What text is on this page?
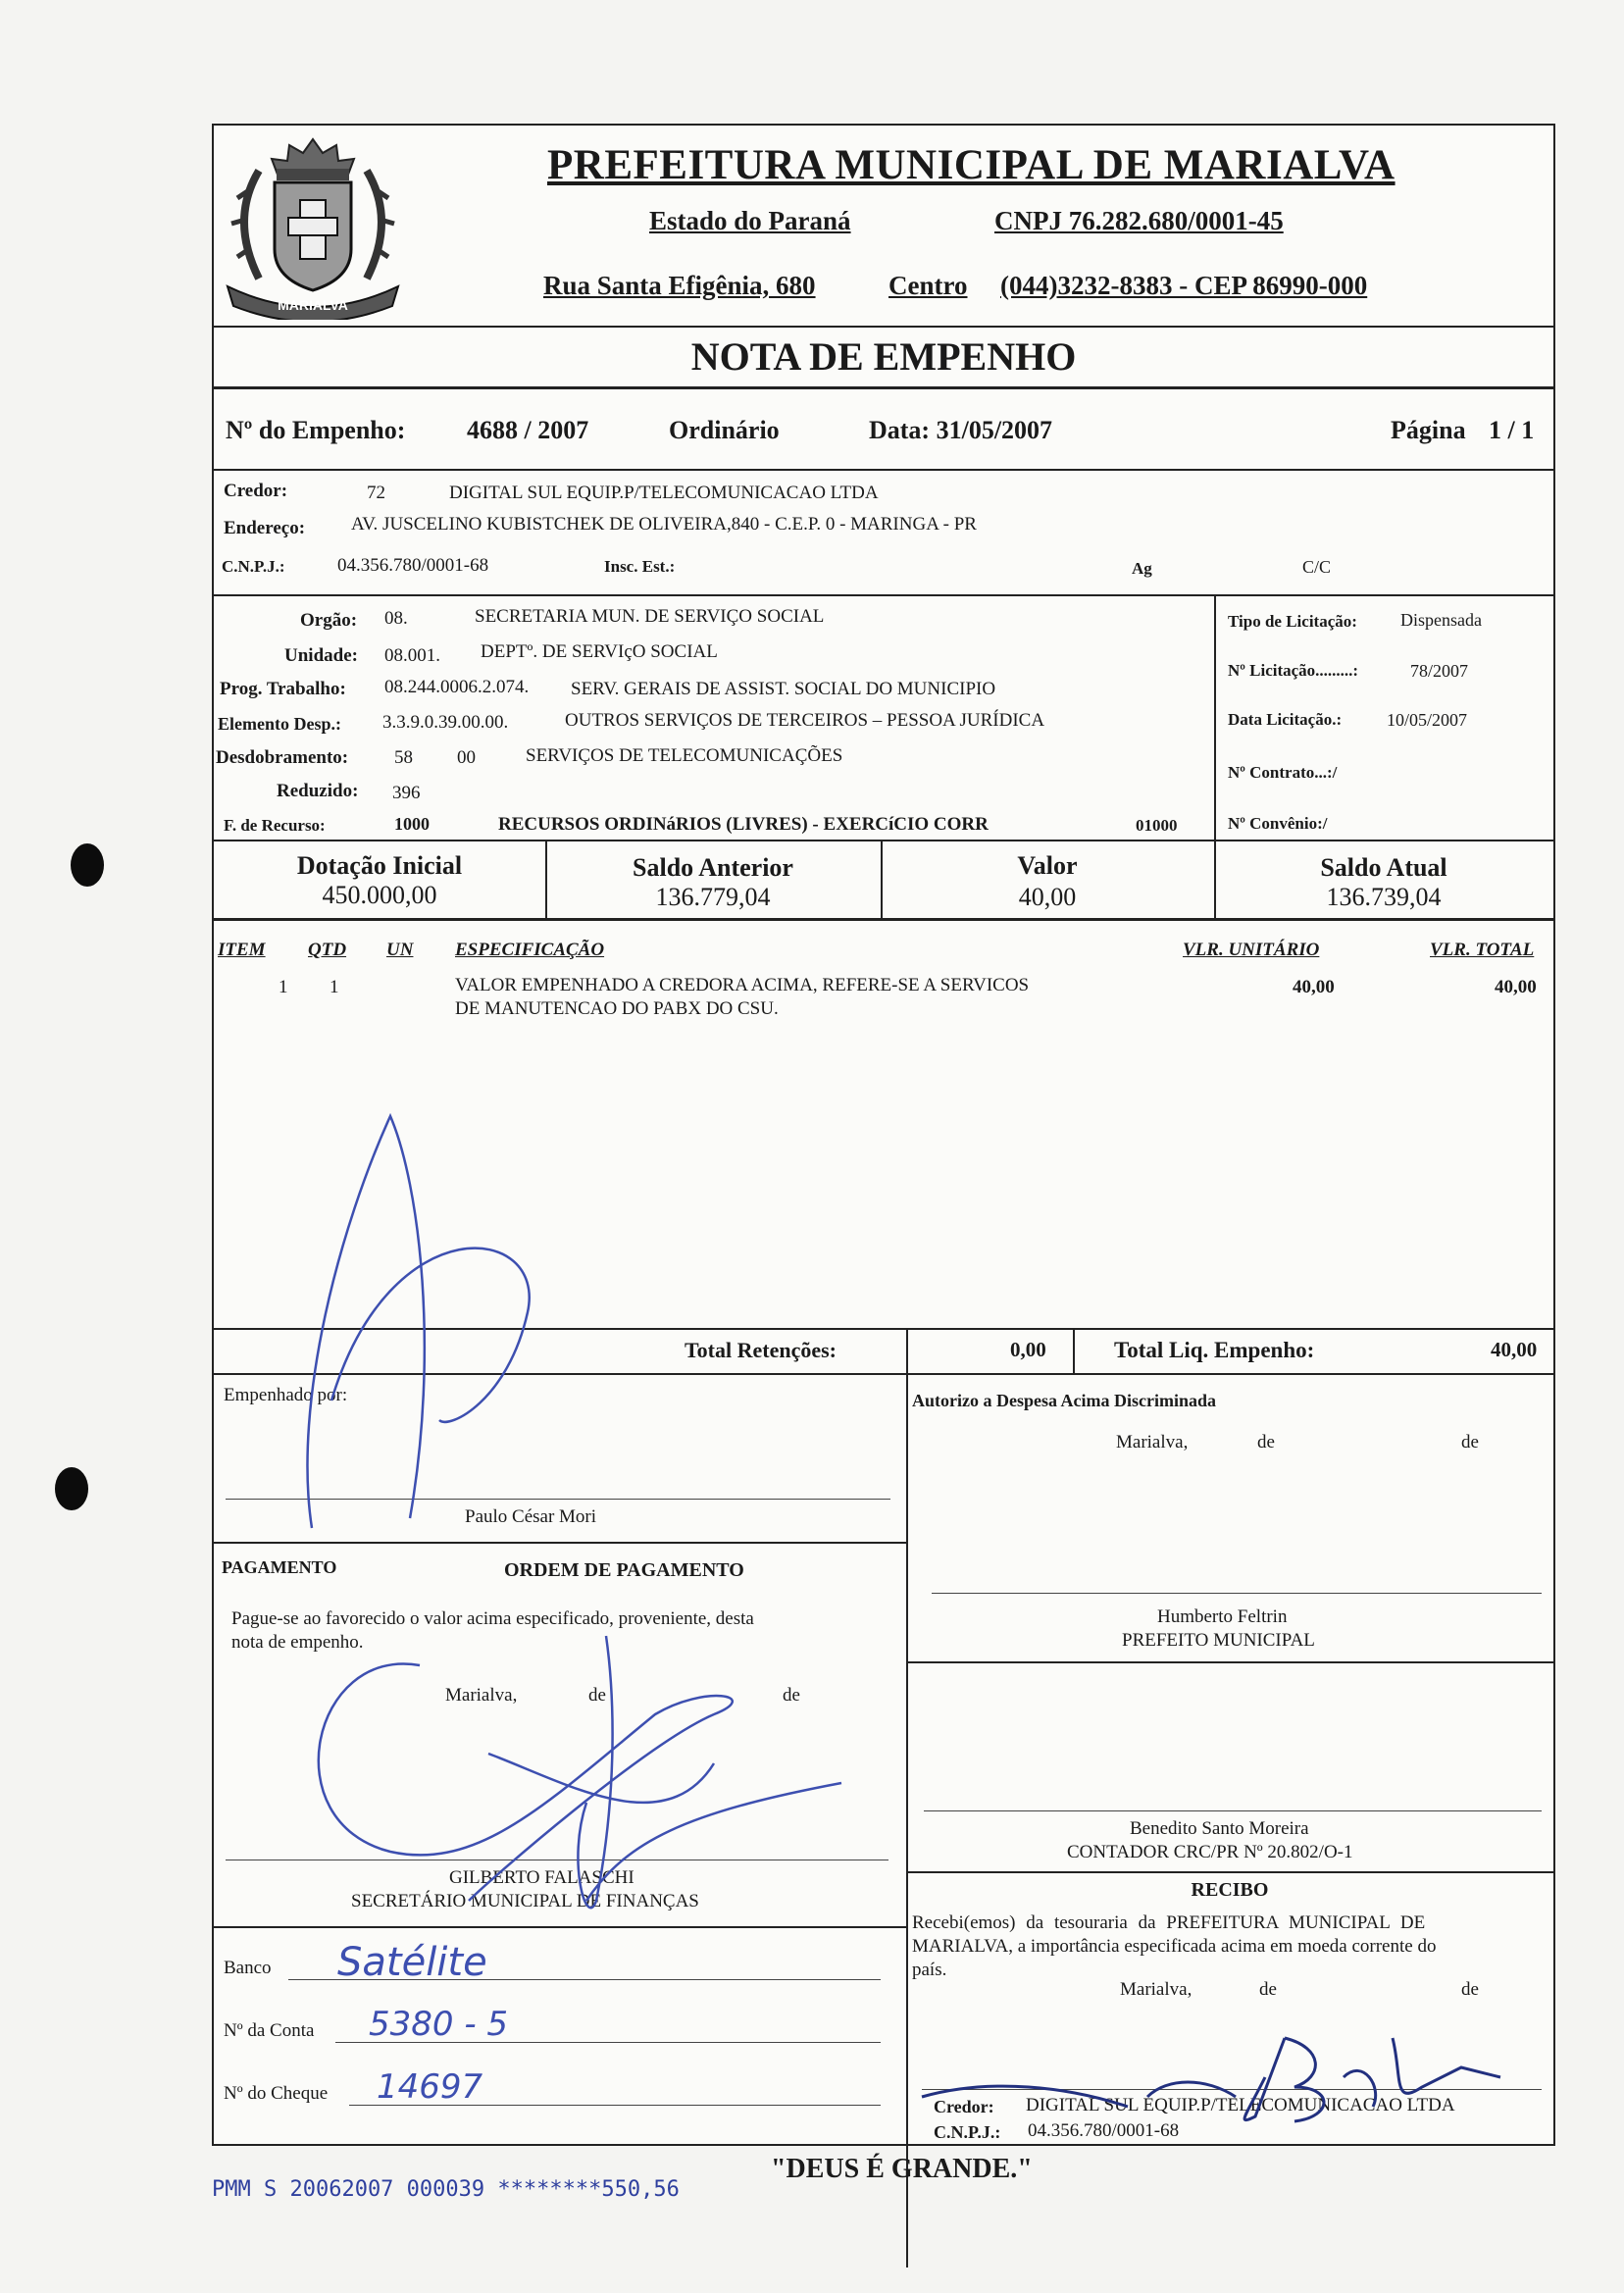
MARIALVA
PREFEITURA MUNICIPAL DE MARIALVA
Estado do Paraná	CNPJ 76.282.680/0001-45
Rua Santa Efigênia, 680	Centro (044)3232-8383 - CEP 86990-000
NOTA DE EMPENHO
Nº do Empenho: 4688 / 2007	Ordinário	Data: 31/05/2007	Página 1 / 1
Credor:	72	DIGITAL SUL EQUIP.P/TELECOMUNICACAO LTDA
Endereço: AV. JUSCELINO KUBISTCHEK DE OLIVEIRA,840 - C.E.P. 0 - MARINGA - PR
C.N.P.J.:	04.356.780/0001-68	Insc. Est.:	Ag	C/C
Orgão: 08.	SECRETARIA MUN. DE SERVIÇO SOCIAL
Unidade: 08.001. DEPTº. DE SERVIçO SOCIAL
Prog. Trabalho: 08.244.0006.2.074. SERV. GERAIS DE ASSIST. SOCIAL DO MUNICIPIO
Elemento Desp.: 3.3.9.0.39.00.00.	OUTROS SERVIÇOS DE TERCEIROS – PESSOA JURÍDICA
Desdobramento: 58 00	SERVIÇOS DE TELECOMUNICAÇÕES
Reduzido: 396
F. de Recurso:	1000	RECURSOS ORDINáRIOS (LIVRES) - EXERCíCIO CORR	01000
Tipo de Licitação: Dispensada
Nº Licitação.........:	78/2007
Data Licitação.:	10/05/2007
Nº Contrato...:/
Nº Convênio:/
Dotação Inicial
450.000,00
Saldo Anterior
136.779,04
Valor
40,00
Saldo Atual
136.739,04
ITEM QTD UN ESPECIFICAÇÃO	VLR. UNITÁRIO	VLR. TOTAL
1 1	VALOR EMPENHADO A CREDORA ACIMA, REFERE-SE A SERVICOS
DE MANUTENCAO DO PABX DO CSU.
40,00	40,00
Total Retenções:	0,00	Total Liq. Empenho:	40,00
Empenhado por:
Paulo César Mori
Autorizo a Despesa Acima Discriminada
Marialva,	de	de
PAGAMENTO	ORDEM DE PAGAMENTO
Pague-se ao favorecido o valor acima especificado, proveniente, desta
nota de empenho.
Marialva,	de	de
GILBERTO FALASCHI
SECRETÁRIO MUNICIPAL DE FINANÇAS
Banco Satélite
Nº da Conta 5380 - 5
Nº do Cheque 14697
Humberto Feltrin
PREFEITO MUNICIPAL
Benedito Santo Moreira
CONTADOR CRC/PR Nº 20.802/O-1
RECIBO
Recebi(emos) da tesouraria da PREFEITURA MUNICIPAL DE
MARIALVA, a importância especificada acima em moeda corrente do
país.
Marialva,	de	de
Credor: DIGITAL SUL EQUIP.P/TELECOMUNICACAO LTDA
C.N.P.J.: 04.356.780/0001-68
"DEUS É GRANDE."
PMM S 20062007 000039 ********550,56
